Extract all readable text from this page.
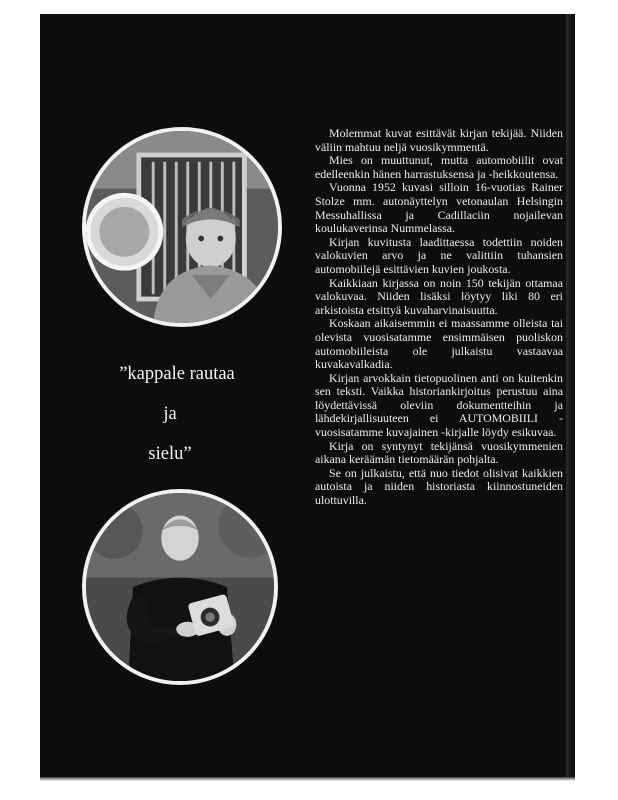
”kappale rautaa
ja
sielu”

Molemmat kuvat esittävät kirjan tekijää. Niiden väliin mahtuu neljä vuosikymmentä.

Mies on muuttunut, mutta automobiilit ovat edelleenkin hänen harrastuksensa ja -heikkoutensa.

Vuonna 1952 kuvasi silloin 16-vuotias Rainer Stolze mm. autonäyttelyn vetonaulan Helsingin Messuhallissa ja Cadillaciin nojailevan koulukaverinsa Nummelassa.

Kirjan kuvitusta laadittaessa todettiin noiden valokuvien arvo ja ne valittiin tuhansien automobiilejä esittävien kuvien joukosta.

Kaikkiaan kirjassa on noin 150 tekijän ottamaa valokuvaa. Niiden lisäksi löytyy liki 80 eri arkistoista etsittyä kuvaharvinaisuutta.

Koskaan aikaisemmin ei maassamme olleista tai olevista vuosisatamme ensimmäisen puoliskon automobiileista ole julkaistu vastaavaa kuvakavalkadia.

Kirjan arvokkain tietopuolinen anti on kuitenkin sen teksti. Vaikka historiankirjoitus perustuu aina löydettävissä oleviin dokumentteihin ja lähdekirjallisuuteen ei AUTOMOBIILI -vuosisatamme kuvajainen -kirjalle löydy esikuvaa.

Kirja on syntynyt tekijänsä vuosikymmenien aikana keräämän tietomäärän pohjalta.

Se on julkaistu, että nuo tiedot olisivat kaikkien autoista ja niiden historiasta kiinnostuneiden ulottuvilla.
